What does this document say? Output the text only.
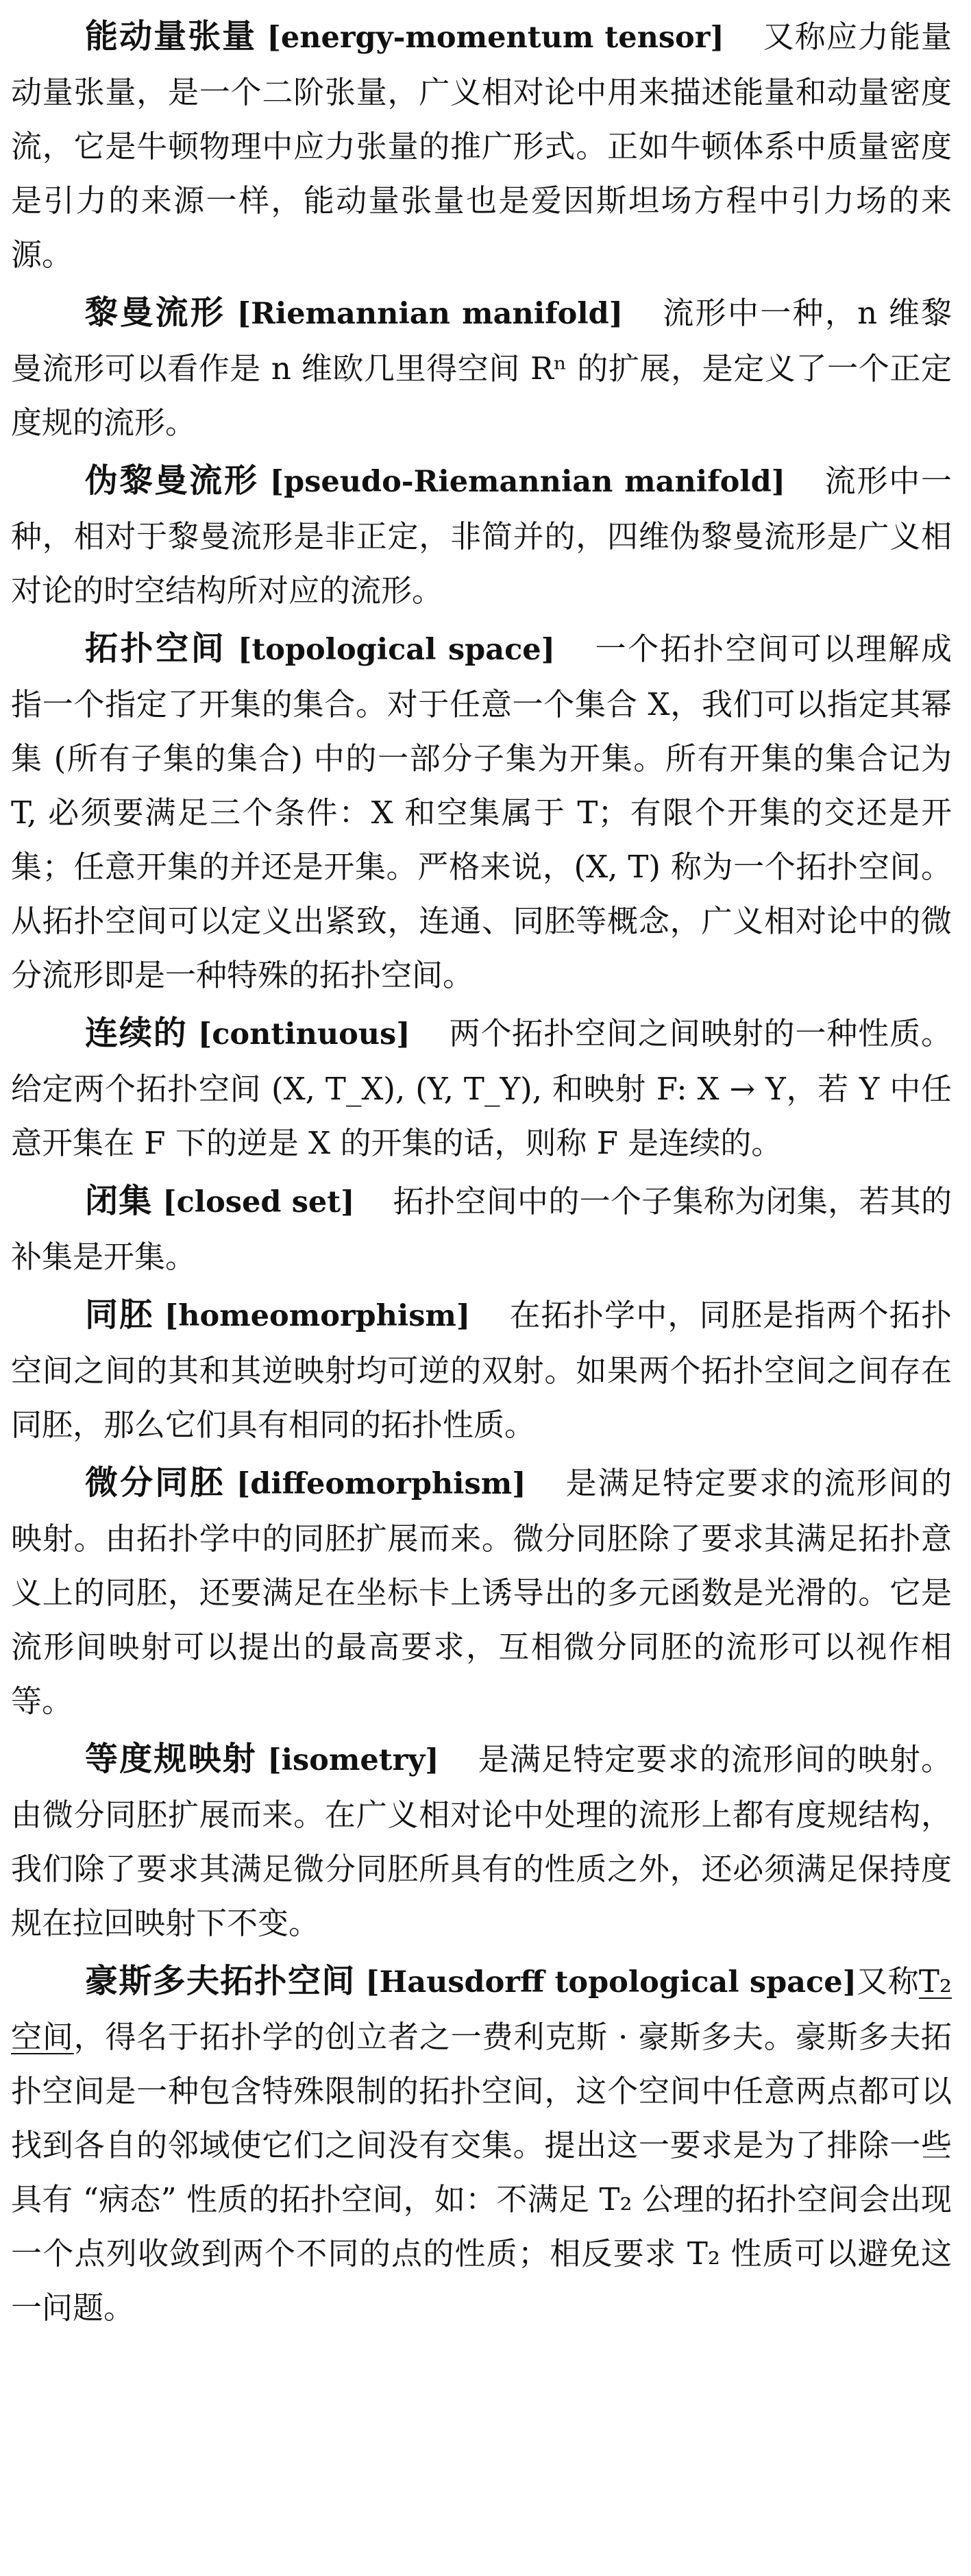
能动量张量 [energy-momentum tensor] 又称应力能量动量张量，是一个二阶张量，广义相对论中用来描述能量和动量密度流，它是牛顿物理中应力张量的推广形式。正如牛顿体系中质量密度是引力的来源一样，能动量张量也是爱因斯坦场方程中引力场的来源。

黎曼流形 [Riemannian manifold] 流形中一种，n 维黎曼流形可以看作是 n 维欧几里得空间 Rⁿ 的扩展，是定义了一个正定度规的流形。

伪黎曼流形 [pseudo-Riemannian manifold] 流形中一种，相对于黎曼流形是非正定，非简并的，四维伪黎曼流形是广义相对论的时空结构所对应的流形。

拓扑空间 [topological space] 一个拓扑空间可以理解成指一个指定了开集的集合。对于任意一个集合 X，我们可以指定其幂集 (所有子集的集合) 中的一部分子集为开集。所有开集的集合记为 T, 必须要满足三个条件：X 和空集属于 T；有限个开集的交还是开集；任意开集的并还是开集。严格来说，(X, T) 称为一个拓扑空间。从拓扑空间可以定义出紧致，连通、同胚等概念，广义相对论中的微分流形即是一种特殊的拓扑空间。

连续的 [continuous] 两个拓扑空间之间映射的一种性质。给定两个拓扑空间 (X, T_X), (Y, T_Y), 和映射 F: X → Y，若 Y 中任意开集在 F 下的逆是 X 的开集的话，则称 F 是连续的。

闭集 [closed set] 拓扑空间中的一个子集称为闭集，若其的补集是开集。

同胚 [homeomorphism] 在拓扑学中，同胚是指两个拓扑空间之间的其和其逆映射均可逆的双射。如果两个拓扑空间之间存在同胚，那么它们具有相同的拓扑性质。

微分同胚 [diffeomorphism] 是满足特定要求的流形间的映射。由拓扑学中的同胚扩展而来。微分同胚除了要求其满足拓扑意义上的同胚，还要满足在坐标卡上诱导出的多元函数是光滑的。它是流形间映射可以提出的最高要求，互相微分同胚的流形可以视作相等。

等度规映射 [isometry] 是满足特定要求的流形间的映射。由微分同胚扩展而来。在广义相对论中处理的流形上都有度规结构，我们除了要求其满足微分同胚所具有的性质之外，还必须满足保持度规在拉回映射下不变。

豪斯多夫拓扑空间 [Hausdorff topological space]又称T₂ 空间，得名于拓扑学的创立者之一费利克斯 · 豪斯多夫。豪斯多夫拓扑空间是一种包含特殊限制的拓扑空间，这个空间中任意两点都可以找到各自的邻域使它们之间没有交集。提出这一要求是为了排除一些具有 “病态” 性质的拓扑空间，如：不满足 T₂ 公理的拓扑空间会出现一个点列收敛到两个不同的点的性质；相反要求 T₂ 性质可以避免这一问题。
